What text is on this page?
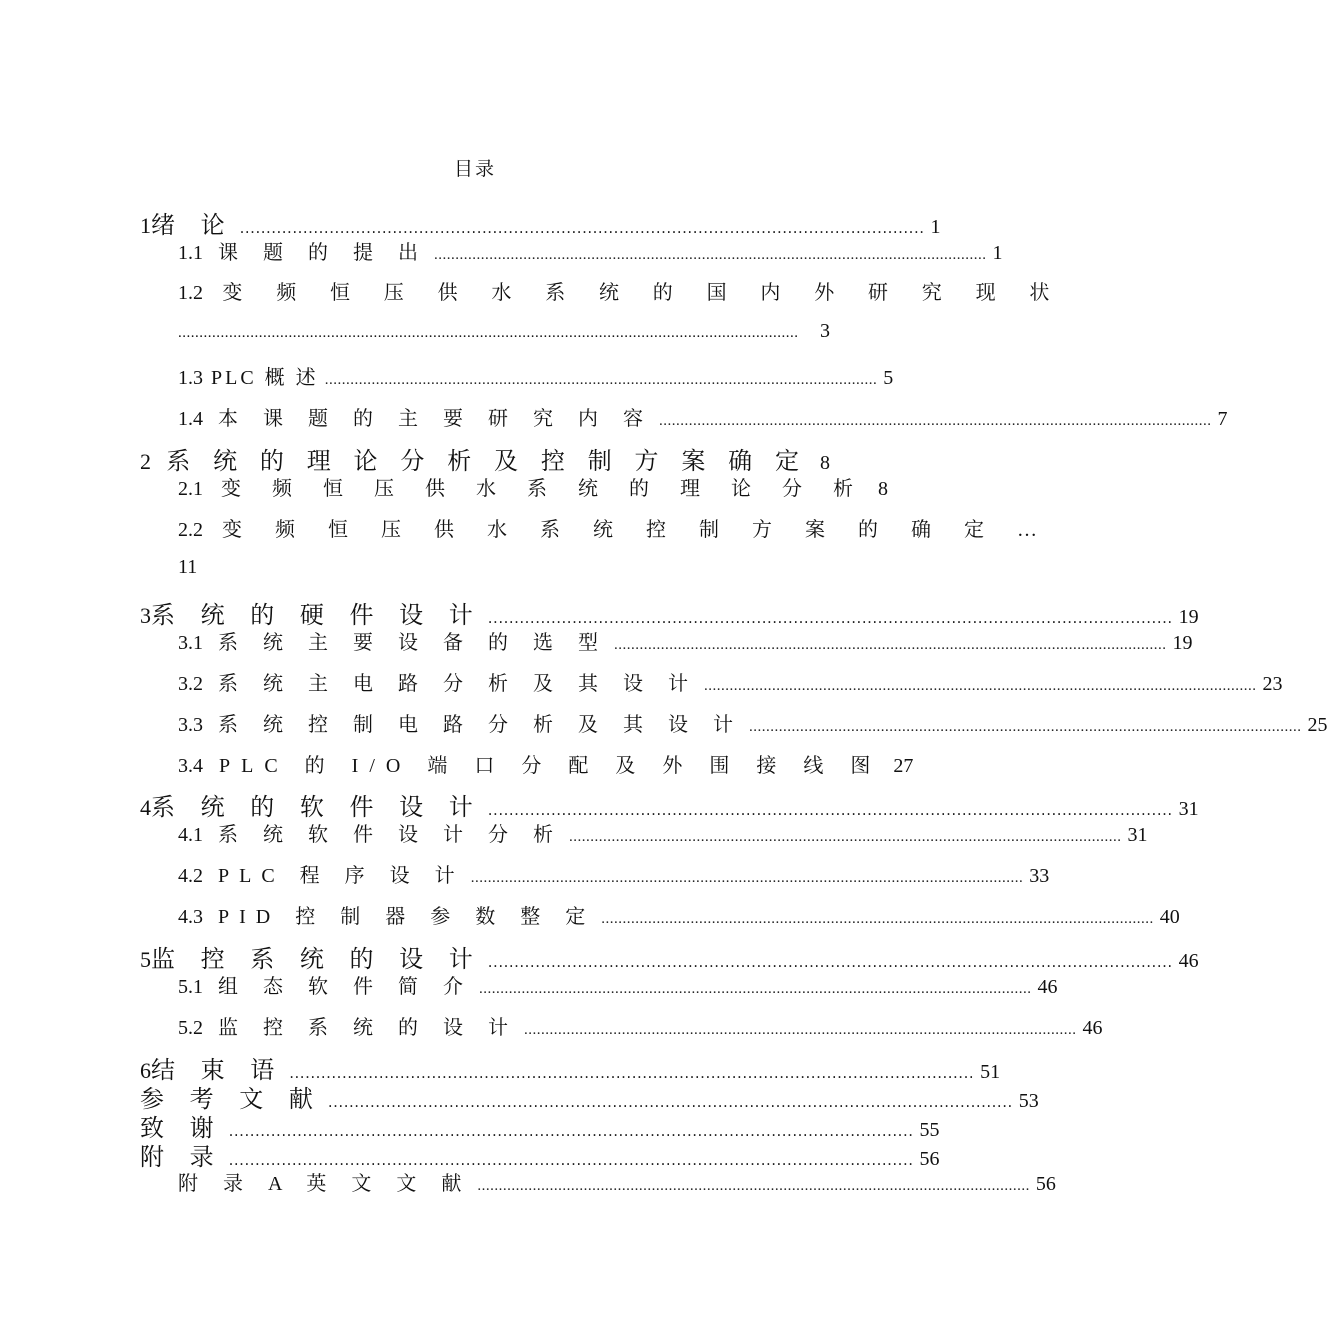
目录
1绪 论 .................................................................................................................................. 1
1.1 课 题 的 提 出 .................................................................................................................................. 1
1.2 变 频 恒 压 供 水 系 统 的 国 内 外 研 究 现 状
..................................................................................................................................................	3
1.3 PLC 概 述 .................................................................................................................................. 5
1.4 本 课 题 的 主 要 研 究 内 容 .................................................................................................................................. 7
2 系 统 的 理 论 分 析 及 控 制 方 案 确 定 8
2.1 变 频 恒 压 供 水 系 统 的 理 论 分 析 8
2.2 变 频 恒 压 供 水 系 统 控 制 方 案 的 确 定 …
11
3系 统 的 硬 件 设 计 .................................................................................................................................. 19
3.1 系 统 主 要 设 备 的 选 型 .................................................................................................................................. 19
3.2 系 统 主 电 路 分 析 及 其 设 计 .................................................................................................................................. 23
3.3 系 统 控 制 电 路 分 析 及 其 设 计 .................................................................................................................................. 25
3.4 PLC 的 I/O 端 口 分 配 及 外 围 接 线 图 27
4系 统 的 软 件 设 计 .................................................................................................................................. 31
4.1 系 统 软 件 设 计 分 析 .................................................................................................................................. 31
4.2 PLC 程 序 设 计 .................................................................................................................................. 33
4.3 PID 控 制 器 参 数 整 定 .................................................................................................................................. 40
5监 控 系 统 的 设 计 .................................................................................................................................. 46
5.1 组 态 软 件 简 介 .................................................................................................................................. 46
5.2 监 控 系 统 的 设 计 .................................................................................................................................. 46
6结 束 语 .................................................................................................................................. 51
参 考 文 献 .................................................................................................................................. 53
致 谢 .................................................................................................................................. 55
附 录 .................................................................................................................................. 56
附 录 A 英 文 文 献 .................................................................................................................................. 56
